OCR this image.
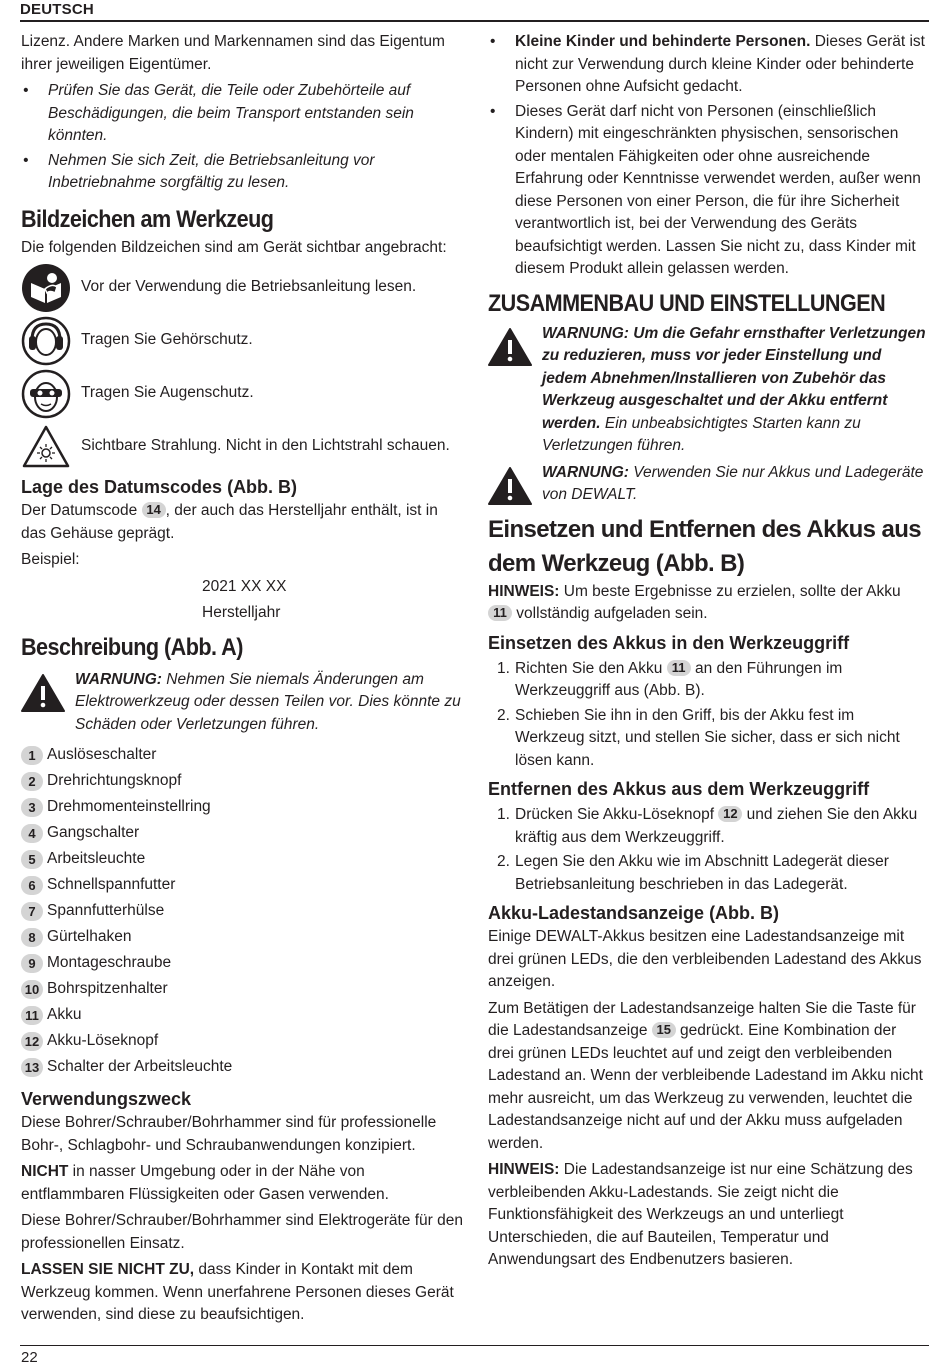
DEUTSCH

Lizenz. Andere Marken und Markennamen sind das Eigentum ihrer jeweiligen Eigentümer.

• Prüfen Sie das Gerät, die Teile oder Zubehörteile auf Beschädigungen, die beim Transport entstanden sein könnten.
• Nehmen Sie sich Zeit, die Betriebsanleitung vor Inbetriebnahme sorgfältig zu lesen.
Bildzeichen am Werkzeug

Die folgenden Bildzeichen sind am Gerät sichtbar angebracht:

Vor der Verwendung die Betriebsanleitung lesen.
Tragen Sie Gehörschutz.
Tragen Sie Augenschutz.
Sichtbare Strahlung. Nicht in den Lichtstrahl schauen.
Lage des Datumscodes (Abb. B)

Der Datumscode 14 , der auch das Herstelljahr enthält, ist in das Gehäuse geprägt.

Beispiel:

2021 XX XX

Herstelljahr

Beschreibung (Abb. A)
WARNUNG: Nehmen Sie niemals Änderungen am Elektrowerkzeug oder dessen Teilen vor. Dies könnte zu Schäden oder Verletzungen führen.
1 Auslöseschalter
2 Drehrichtungsknopf
3 Drehmomenteinstellring
4 Gangschalter
5 Arbeitsleuchte
6 Schnellspannfutter
7 Spannfutterhülse
8 Gürtelhaken
9 Montageschraube
10 Bohrspitzenhalter
11 Akku
12 Akku-Löseknopf
13 Schalter der Arbeitsleuchte
Verwendungszweck

Diese Bohrer/Schrauber/Bohrhammer sind für professionelle Bohr-, Schlagbohr- und Schraubanwendungen konzipiert.

NICHT in nasser Umgebung oder in der Nähe von entflammbaren Flüssigkeiten oder Gasen verwenden.

Diese Bohrer/Schrauber/Bohrhammer sind Elektrogeräte für den professionellen Einsatz.

LASSEN SIE NICHT ZU, dass Kinder in Kontakt mit dem Werkzeug kommen. Wenn unerfahrene Personen dieses Gerät verwenden, sind diese zu beaufsichtigen.

• Kleine Kinder und behinderte Personen. Dieses Gerät ist nicht zur Verwendung durch kleine Kinder oder behinderte Personen ohne Aufsicht gedacht.
• Dieses Gerät darf nicht von Personen (einschließlich Kindern) mit eingeschränkten physischen, sensorischen oder mentalen Fähigkeiten oder ohne ausreichende Erfahrung oder Kenntnisse verwendet werden, außer wenn diese Personen von einer Person, die für ihre Sicherheit verantwortlich ist, bei der Verwendung des Geräts beaufsichtigt werden. Lassen Sie nicht zu, dass Kinder mit diesem Produkt allein gelassen werden.
ZUSAMMENBAU UND EINSTELLUNGEN
WARNUNG: Um die Gefahr ernsthafter Verletzungen zu reduzieren, muss vor jeder Einstellung und jedem Abnehmen/Installieren von Zubehör das Werkzeug ausgeschaltet und der Akku entfernt werden. Ein unbeabsichtigtes Starten kann zu Verletzungen führen.
WARNUNG: Verwenden Sie nur Akkus und Ladegeräte von DEWALT.
Einsetzen und Entfernen des Akkus aus dem Werkzeug (Abb. B)

HINWEIS: Um beste Ergebnisse zu erzielen, sollte der Akku 11 vollständig aufgeladen sein.

Einsetzen des Akkus in den Werkzeuggriff
1. Richten Sie den Akku 11 an den Führungen im Werkzeuggriff aus (Abb. B).
2. Schieben Sie ihn in den Griff, bis der Akku fest im Werkzeug sitzt, und stellen Sie sicher, dass er sich nicht lösen kann.
Entfernen des Akkus aus dem Werkzeuggriff
1. Drücken Sie Akku-Löseknopf 12 und ziehen Sie den Akku kräftig aus dem Werkzeuggriff.
2. Legen Sie den Akku wie im Abschnitt Ladegerät dieser Betriebsanleitung beschrieben in das Ladegerät.
Akku-Ladestandsanzeige (Abb. B)

Einige DEWALT-Akkus besitzen eine Ladestandsanzeige mit drei grünen LEDs, die den verbleibenden Ladestand des Akkus anzeigen.

Zum Betätigen der Ladestandsanzeige halten Sie die Taste für die Ladestandsanzeige 15 gedrückt. Eine Kombination der drei grünen LEDs leuchtet auf und zeigt den verbleibenden Ladestand an. Wenn der verbleibende Ladestand im Akku nicht mehr ausreicht, um das Werkzeug zu verwenden, leuchtet die Ladestandsanzeige nicht auf und der Akku muss aufgeladen werden.

HINWEIS: Die Ladestandsanzeige ist nur eine Schätzung des verbleibenden Akku-Ladestands. Sie zeigt nicht die Funktionsfähigkeit des Werkzeugs an und unterliegt Unterschieden, die auf Bauteilen, Temperatur und Anwendungsart des Endbenutzers basieren.

22
